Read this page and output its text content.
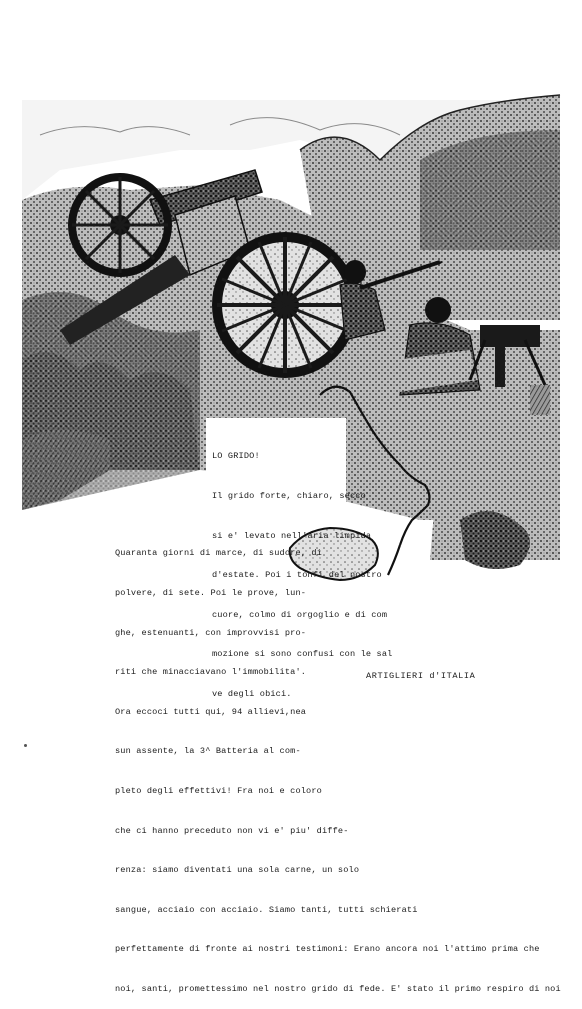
LO GRIDO!

Il grido forte, chiaro, secco

si e' levato nell'aria limpida

d'estate. Poi i tonfi del nostro

cuore, colmo di orgoglio e di com

mozione si sono confusi con le sal

ve degli obici.

Quaranta giorni di marce, di sudore, di

polvere, di sete. Poi le prove, lun-

ghe, estenuanti, con improvvisi pro-

riti che minacciavano l'immobilita'.

Ora eccoci tutti qui, 94 allievi,nea

sun assente, la 3^ Batteria al com-

pleto degli effettivi! Fra noi e coloro

che ci hanno preceduto non vi e' piu' diffe-

renza: siamo diventati una sola carne, un solo

sangue, acciaio con acciaio. Siamo tanti, tutti schierati

perfettamente di fronte ai nostri testimoni: Erano ancora noi l'attimo prima che

noi, santi, promettessimo nel nostro grido di fede. E' stato il primo respiro di noi

ARTIGLIERI d'ITALIA
